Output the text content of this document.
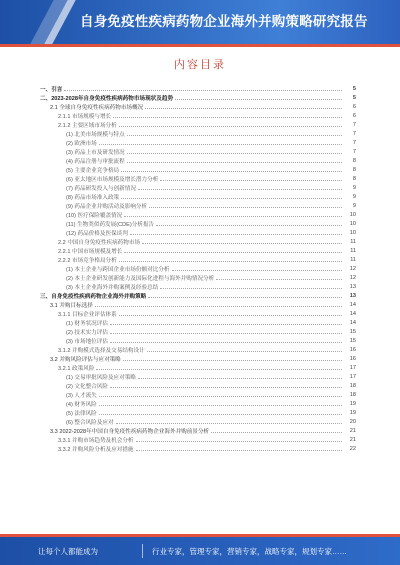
自身免疫性疾病药物企业海外并购策略研究报告
内容目录
一、引言	5
二、2023-2028年自身免疫性疾病药物市场现状及趋势	5
2.1 全球自身免疫性疾病药物市场概况	6
2.1.1 市场规模与增长	6
2.1.2 主要区域市场分析	7
(1) 北美市场规模与特点	7
(2) 欧洲市场	7
(3) 药品上市及研发情况	7
(4) 药品注册与审批流程	8
(5) 主要企业竞争格局	8
(6) 亚太地区市场规模及增长潜力分析	8
(7) 药品研发投入与创新情况	9
(8) 药品市场准入政策	9
(9) 药品企业并购活动及影响分析	9
(10) 医疗保险覆盖情况	10
(11) 生物类似药发展(CDE)分析报告	10
(12) 药品价格及医保谈判	10
2.2 中国自身免疫性疾病药物市场	11
2.2.1 中国市场规模及增长	11
2.2.2 市场竞争格局分析	11
(1) 本土企业与跨国企业市场份额对比分析	12
(2) 本土企业研发创新能力及国际化进程与海外并购情况分析	12
(3) 本土企业海外并购案例及经验总结	13
三、自身免疫性疾病药物企业海外并购策略	13
3.1 并购目标选择	14
3.1.1 目标企业评估体系	14
(1) 财务状况评估	14
(2) 技术实力评估	15
(3) 市场地位评估	15
3.1.2 并购模式选择及交易结构设计	16
3.2 并购风险评估与应对策略	16
3.2.1 政策风险	17
(1) 交易审批风险及应对策略	17
(2) 文化整合风险	18
(3) 人才流失	18
(4) 财务风险	19
(5) 法律风险	19
(6) 整合风险及应对	20
3.3 2022-2028年中国自身免疫性疾病药物企业海外并购前景分析	21
3.3.1 并购市场趋势及机会分析	21
3.3.2 并购风险分析及应对措施	22
让每个人都能成为	行业专家，管理专家，营销专家，战略专家，规划专家……
